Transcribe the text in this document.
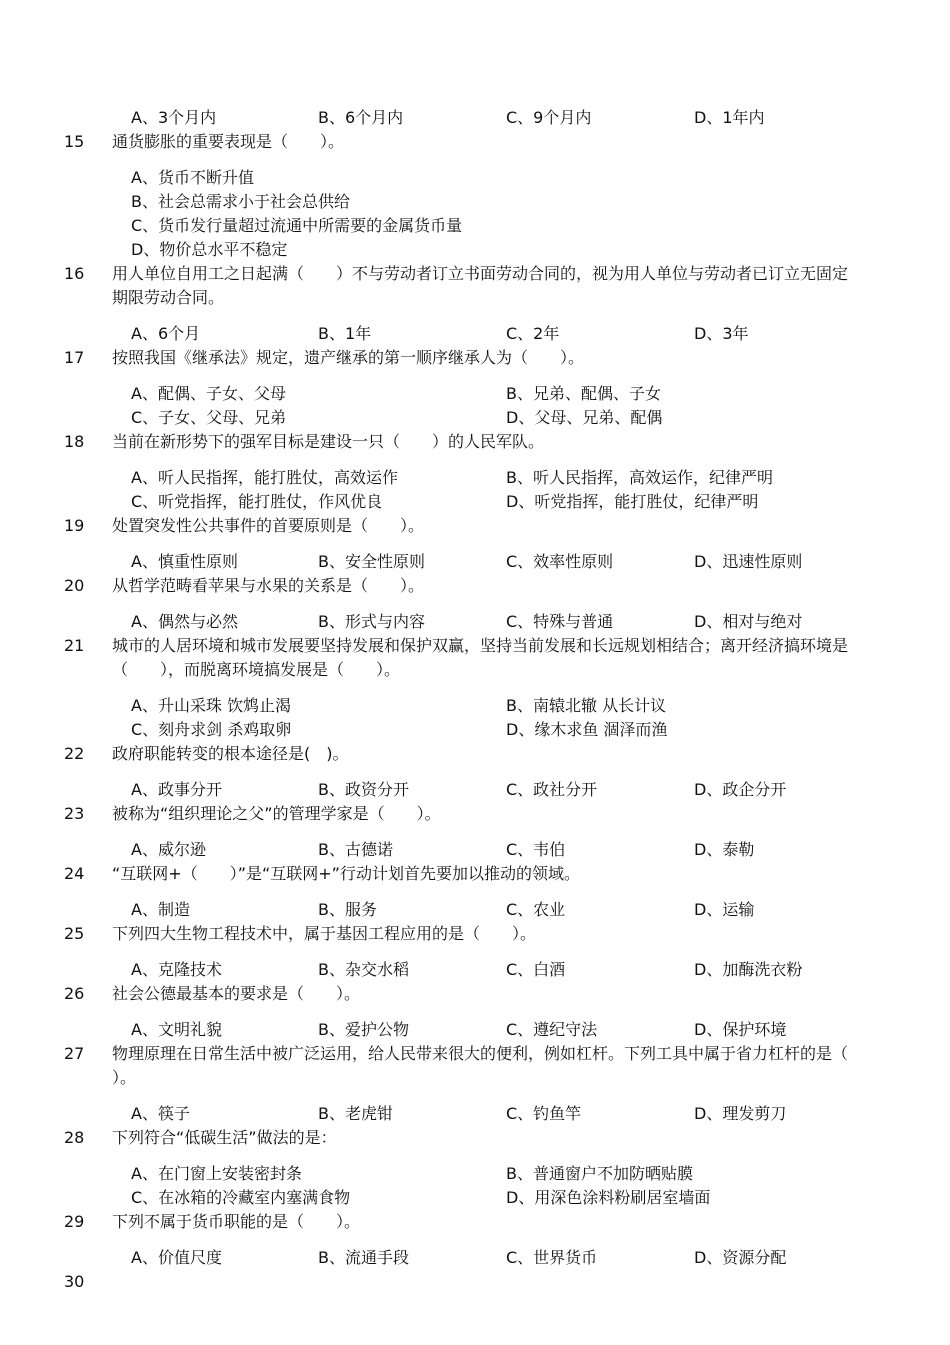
A、3个月内	B、6个月内	C、9个月内	D、1年内
15 通货膨胀的重要表现是（　　）。
A、货币不断升值
B、社会总需求小于社会总供给
C、货币发行量超过流通中所需要的金属货币量
D、物价总水平不稳定
16 用人单位自用工之日起满（　　）不与劳动者订立书面劳动合同的，视为用人单位与劳动者已订立无固定期限劳动合同。
A、6个月	B、1年	C、2年	D、3年
17 按照我国《继承法》规定，遗产继承的第一顺序继承人为（　　）。
A、配偶、子女、父母	B、兄弟、配偶、子女
C、子女、父母、兄弟	D、父母、兄弟、配偶
18 当前在新形势下的强军目标是建设一只（　　）的人民军队。
A、听人民指挥，能打胜仗，高效运作	B、听人民指挥，高效运作，纪律严明
C、听党指挥，能打胜仗，作风优良	D、听党指挥，能打胜仗，纪律严明
19 处置突发性公共事件的首要原则是（　　）。
A、慎重性原则	B、安全性原则	C、效率性原则	D、迅速性原则
20 从哲学范畴看苹果与水果的关系是（　　）。
A、偶然与必然	B、形式与内容	C、特殊与普通	D、相对与绝对
21 城市的人居环境和城市发展要坚持发展和保护双赢，坚持当前发展和长远规划相结合；离开经济搞环境是（　　），而脱离环境搞发展是（　　）。
A、升山采珠 饮鸩止渴	B、南辕北辙 从长计议
C、刻舟求剑 杀鸡取卵	D、缘木求鱼 涸泽而渔
22 政府职能转变的根本途径是(　)。
A、政事分开	B、政资分开	C、政社分开	D、政企分开
23 被称为“组织理论之父”的管理学家是（　　）。
A、威尔逊	B、古德诺	C、韦伯	D、泰勒
24 “互联网+（　　）”是“互联网+”行动计划首先要加以推动的领域。
A、制造	B、服务	C、农业	D、运输
25 下列四大生物工程技术中，属于基因工程应用的是（　　）。
A、克隆技术	B、杂交水稻	C、白酒	D、加酶洗衣粉
26 社会公德最基本的要求是（　　）。
A、文明礼貌	B、爱护公物	C、遵纪守法	D、保护环境
27 物理原理在日常生活中被广泛运用，给人民带来很大的便利，例如杠杆。下列工具中属于省力杠杆的是（　　）。
A、筷子	B、老虎钳	C、钓鱼竿	D、理发剪刀
28 下列符合“低碳生活”做法的是：
A、在门窗上安装密封条	B、普通窗户不加防晒贴膜
C、在冰箱的冷藏室内塞满食物	D、用深色涂料粉刷居室墙面
29 下列不属于货币职能的是（　　）。
A、价值尺度	B、流通手段	C、世界货币	D、资源分配
30
